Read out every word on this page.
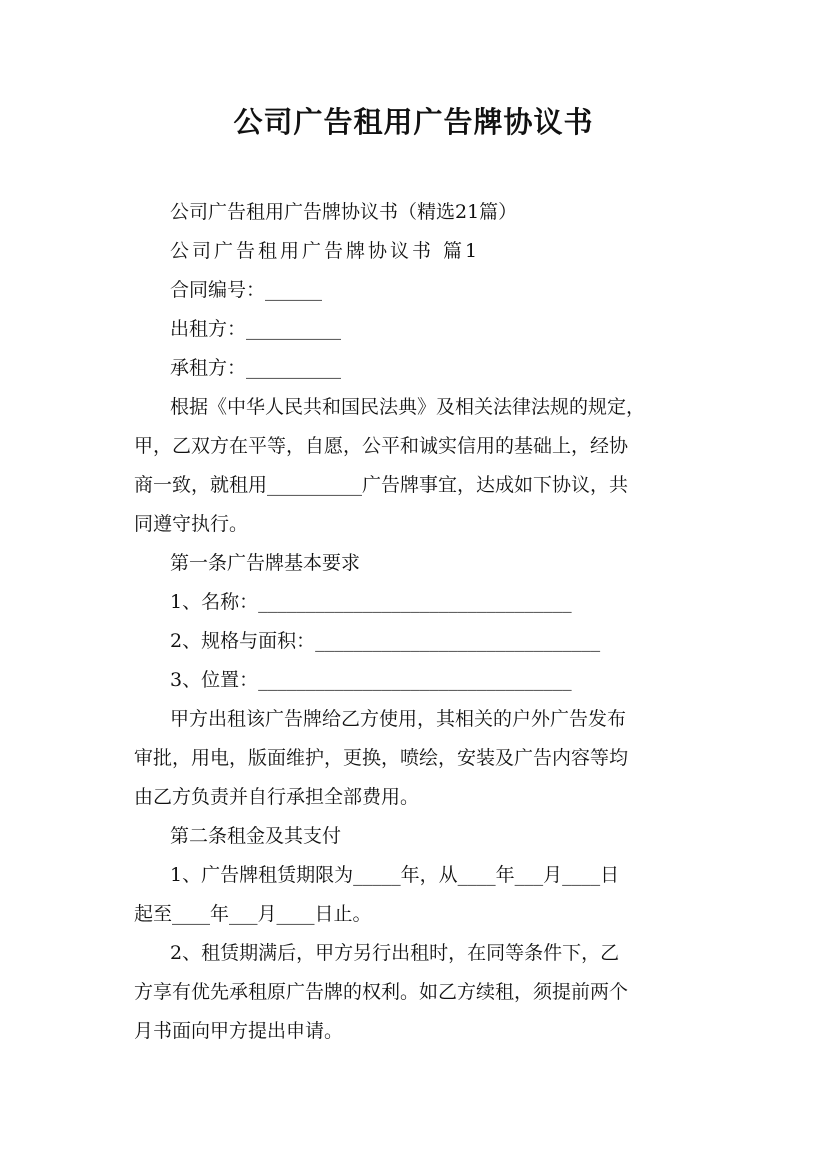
公司广告租用广告牌协议书
公司广告租用广告牌协议书（精选21篇）
公司广告租用广告牌协议书 篇1
合同编号：______
出租方：__________
承租方：__________
根据《中华人民共和国民法典》及相关法律法规的规定，
甲，乙双方在平等，自愿，公平和诚实信用的基础上，经协
商一致，就租用__________广告牌事宜，达成如下协议，共
同遵守执行。
第一条广告牌基本要求
1、名称：_________________________________
2、规格与面积：______________________________
3、位置：_________________________________
甲方出租该广告牌给乙方使用，其相关的户外广告发布
审批，用电，版面维护，更换，喷绘，安装及广告内容等均
由乙方负责并自行承担全部费用。
第二条租金及其支付
1、广告牌租赁期限为_____年，从____年___月____日
起至____年___月____日止。
2、租赁期满后，甲方另行出租时，在同等条件下，乙
方享有优先承租原广告牌的权利。如乙方续租，须提前两个
月书面向甲方提出申请。
